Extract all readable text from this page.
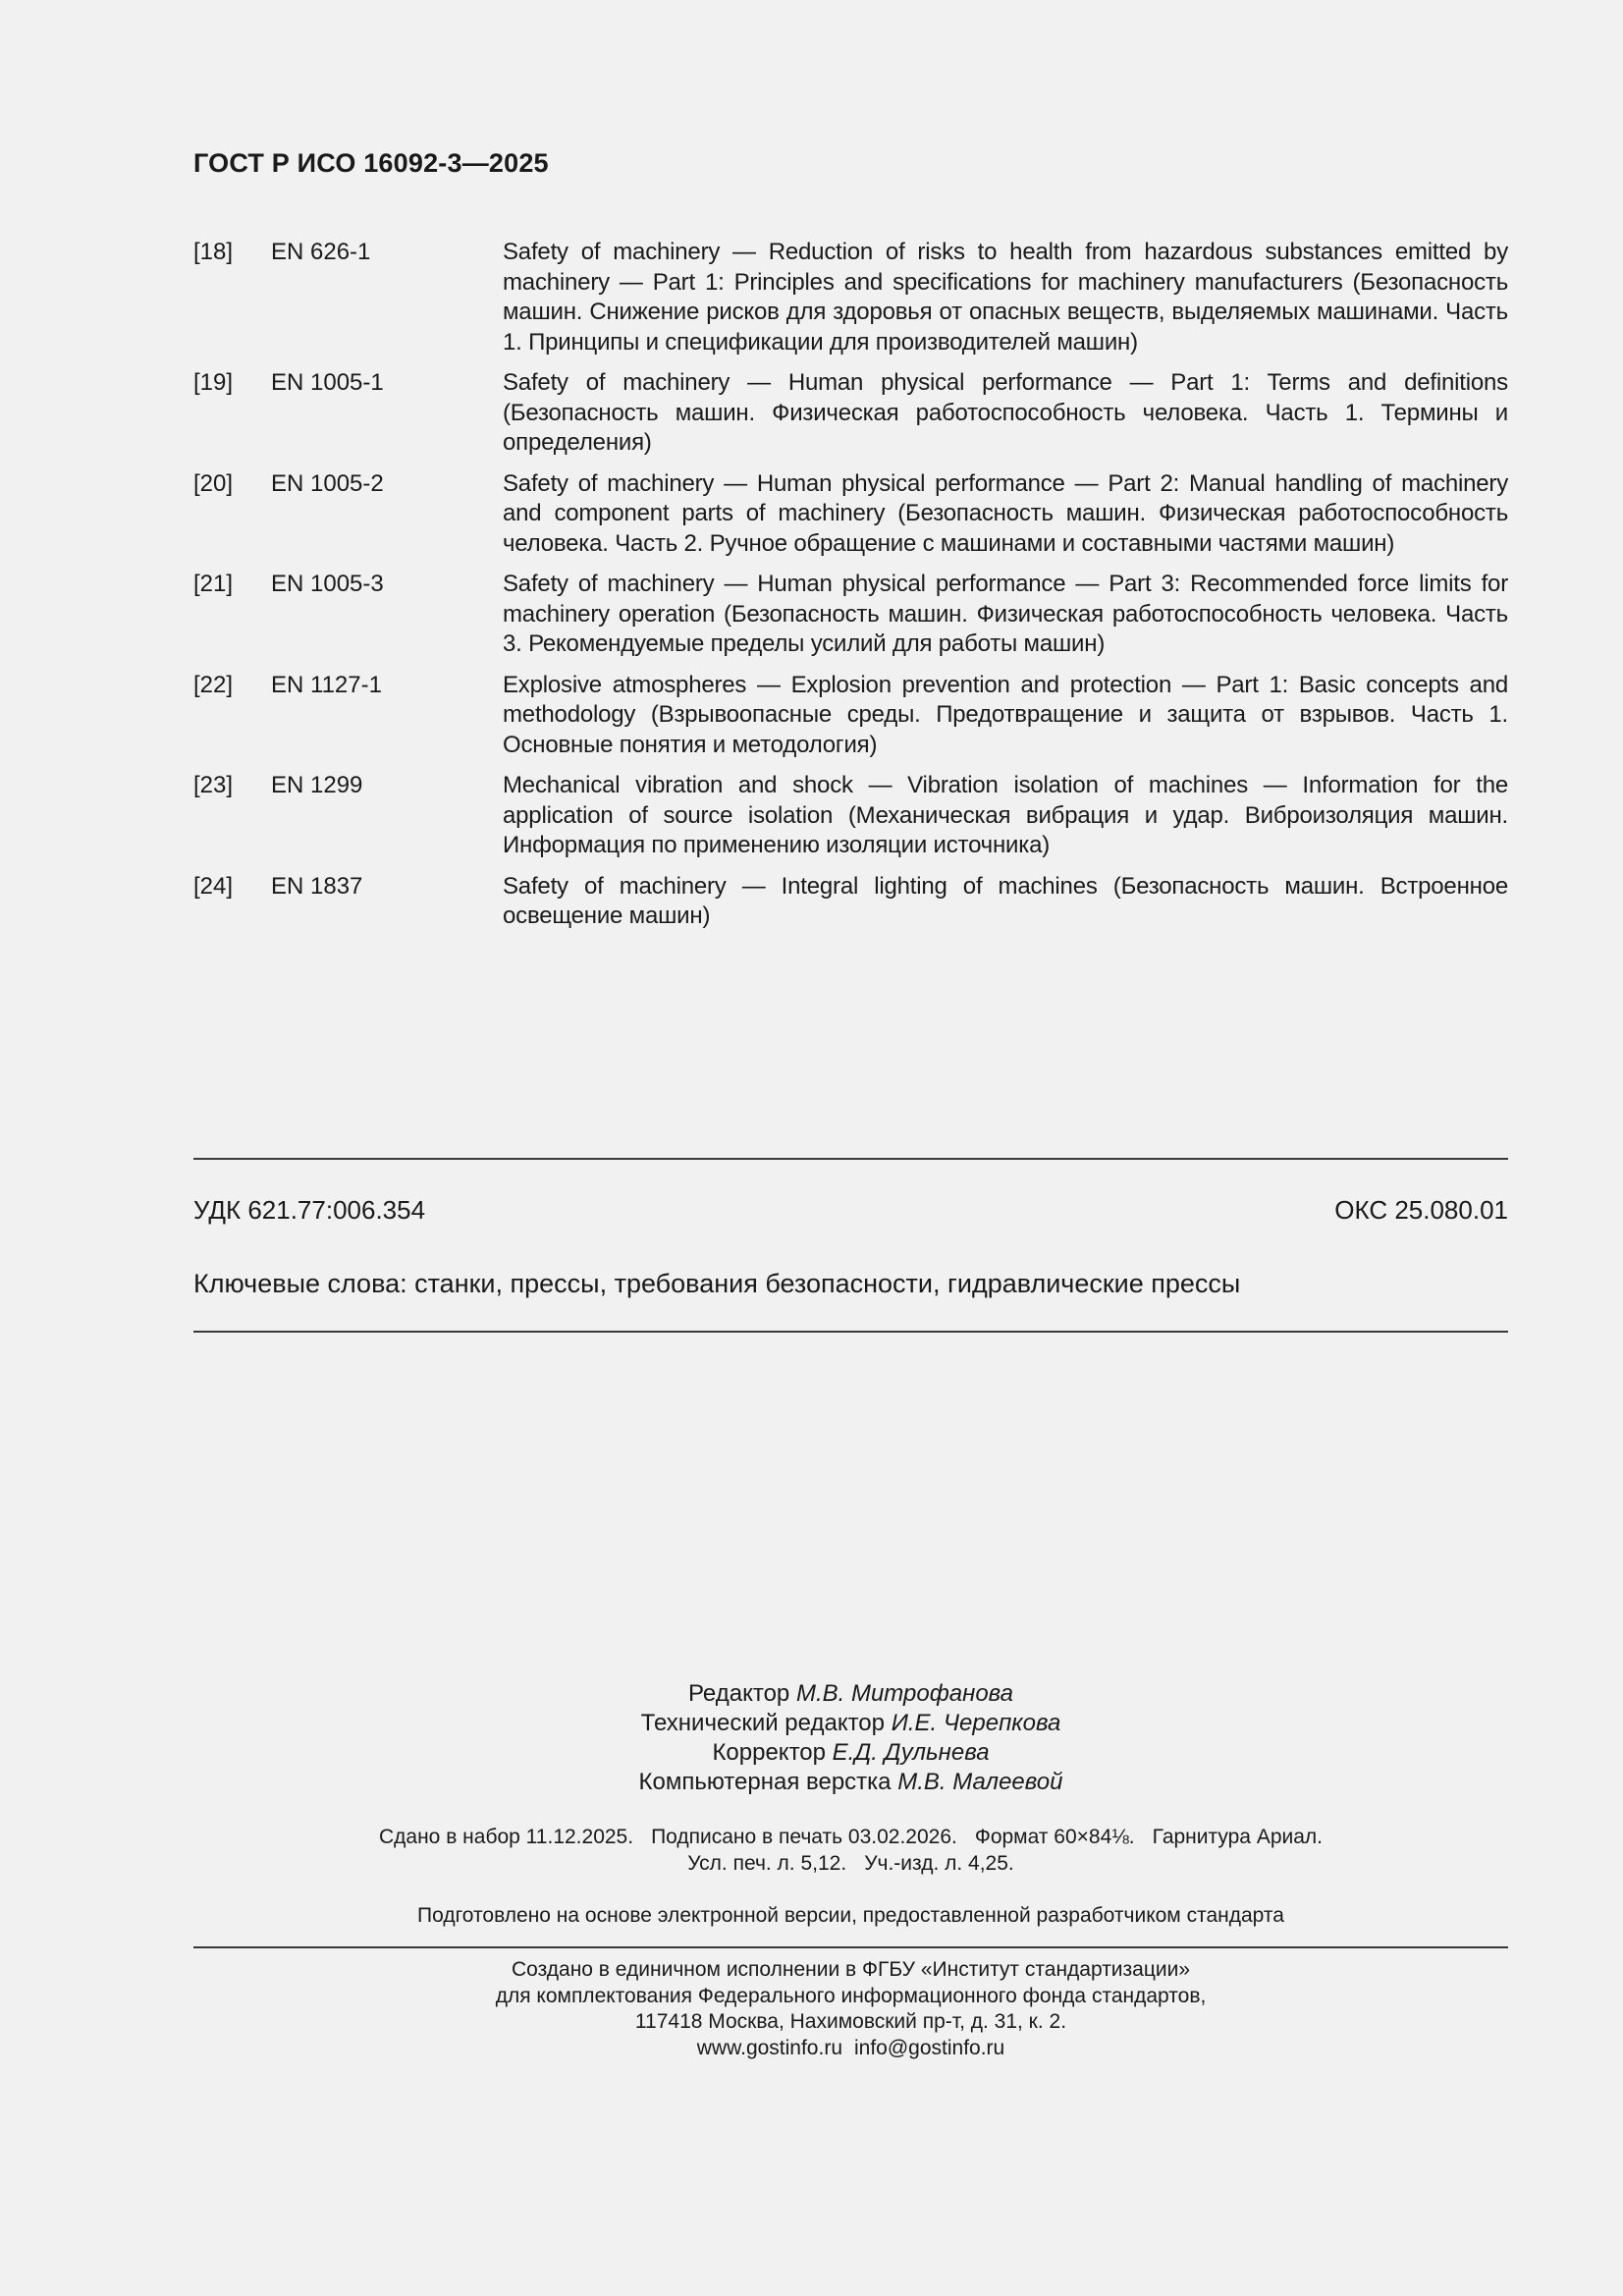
ГОСТ Р ИСО 16092-3—2025
[18] EN 626-1	Safety of machinery — Reduction of risks to health from hazardous substances emitted by machinery — Part 1: Principles and specifications for machinery manufacturers (Безопасность машин. Снижение рисков для здоровья от опасных веществ, выделяемых машинами. Часть 1. Принципы и спецификации для производителей машин)
[19] EN 1005-1	Safety of machinery — Human physical performance — Part 1: Terms and definitions (Безопасность машин. Физическая работоспособность человека. Часть 1. Термины и определения)
[20] EN 1005-2	Safety of machinery — Human physical performance — Part 2: Manual handling of machinery and component parts of machinery (Безопасность машин. Физическая работоспособность человека. Часть 2. Ручное обращение с машинами и составными частями машин)
[21] EN 1005-3	Safety of machinery — Human physical performance — Part 3: Recommended force limits for machinery operation (Безопасность машин. Физическая работоспособность человека. Часть 3. Рекомендуемые пределы усилий для работы машин)
[22] EN 1127-1	Explosive atmospheres — Explosion prevention and protection — Part 1: Basic concepts and methodology (Взрывоопасные среды. Предотвращение и защита от взрывов. Часть 1. Основные понятия и методология)
[23] EN 1299	Mechanical vibration and shock — Vibration isolation of machines — Information for the application of source isolation (Механическая вибрация и удар. Виброизоляция машин. Информация по применению изоляции источника)
[24] EN 1837	Safety of machinery — Integral lighting of machines (Безопасность машин. Встроенное освещение машин)
УДК 621.77:006.354	ОКС 25.080.01
Ключевые слова: станки, прессы, требования безопасности, гидравлические прессы
Редактор М.В. Митрофанова
Технический редактор И.Е. Черепкова
Корректор Е.Д. Дульнева
Компьютерная верстка М.В. Малеевой
Сдано в набор 11.12.2025. Подписано в печать 03.02.2026. Формат 60×84⅛. Гарнитура Ариал.
Усл. печ. л. 5,12. Уч.-изд. л. 4,25.
Подготовлено на основе электронной версии, предоставленной разработчиком стандарта
Создано в единичном исполнении в ФГБУ «Институт стандартизации»
для комплектования Федерального информационного фонда стандартов,
117418 Москва, Нахимовский пр-т, д. 31, к. 2.
www.gostinfo.ru info@gostinfo.ru
